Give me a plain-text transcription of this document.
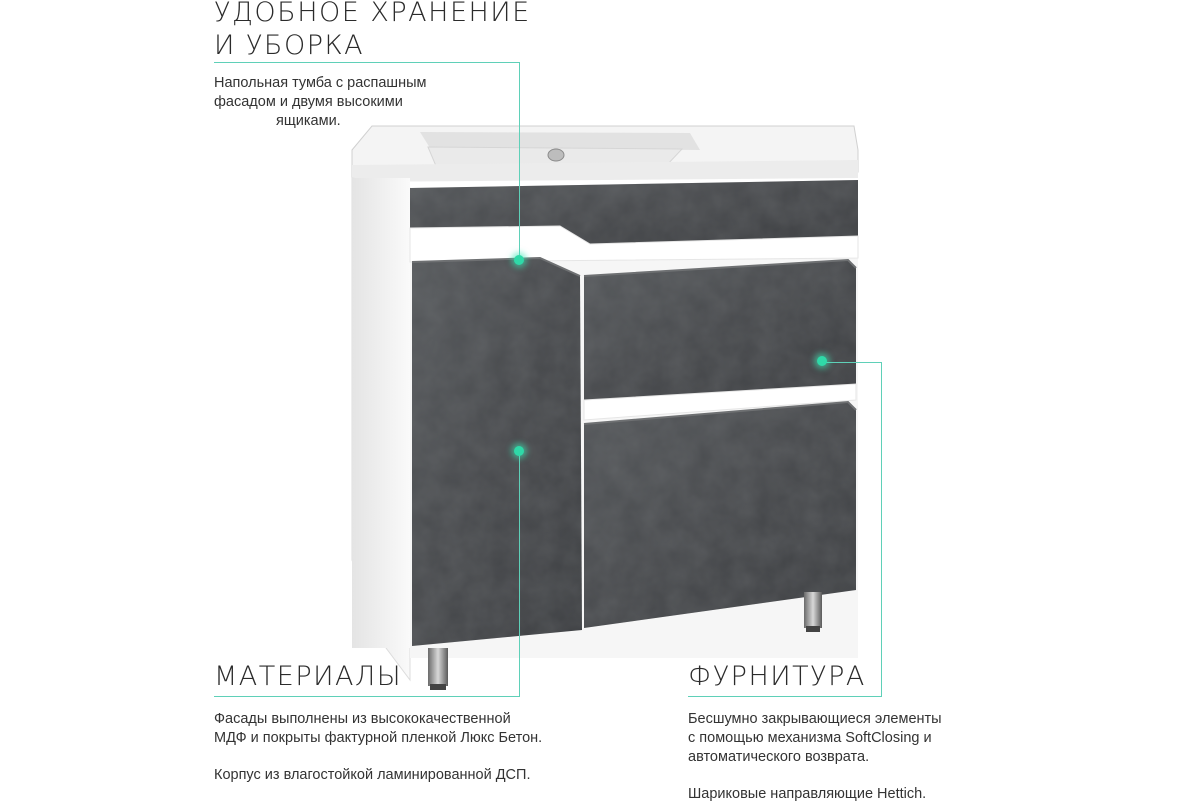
УДОБНОЕ ХРАНЕНИЕ
И УБОРКА
Напольная тумба с распашным
фасадом и двумя высокими
ящиками.
МАТЕРИАЛЫ
Фасады выполнены из высококачественной
МДФ и покрыты фактурной пленкой Люкс Бетон.
Корпус из влагостойкой ламинированной ДСП.
ФУРНИТУРА
Бесшумно закрывающиеся элементы
с помощью механизма SoftClosing и
автоматического возврата.
Шариковые направляющие Hettich.
